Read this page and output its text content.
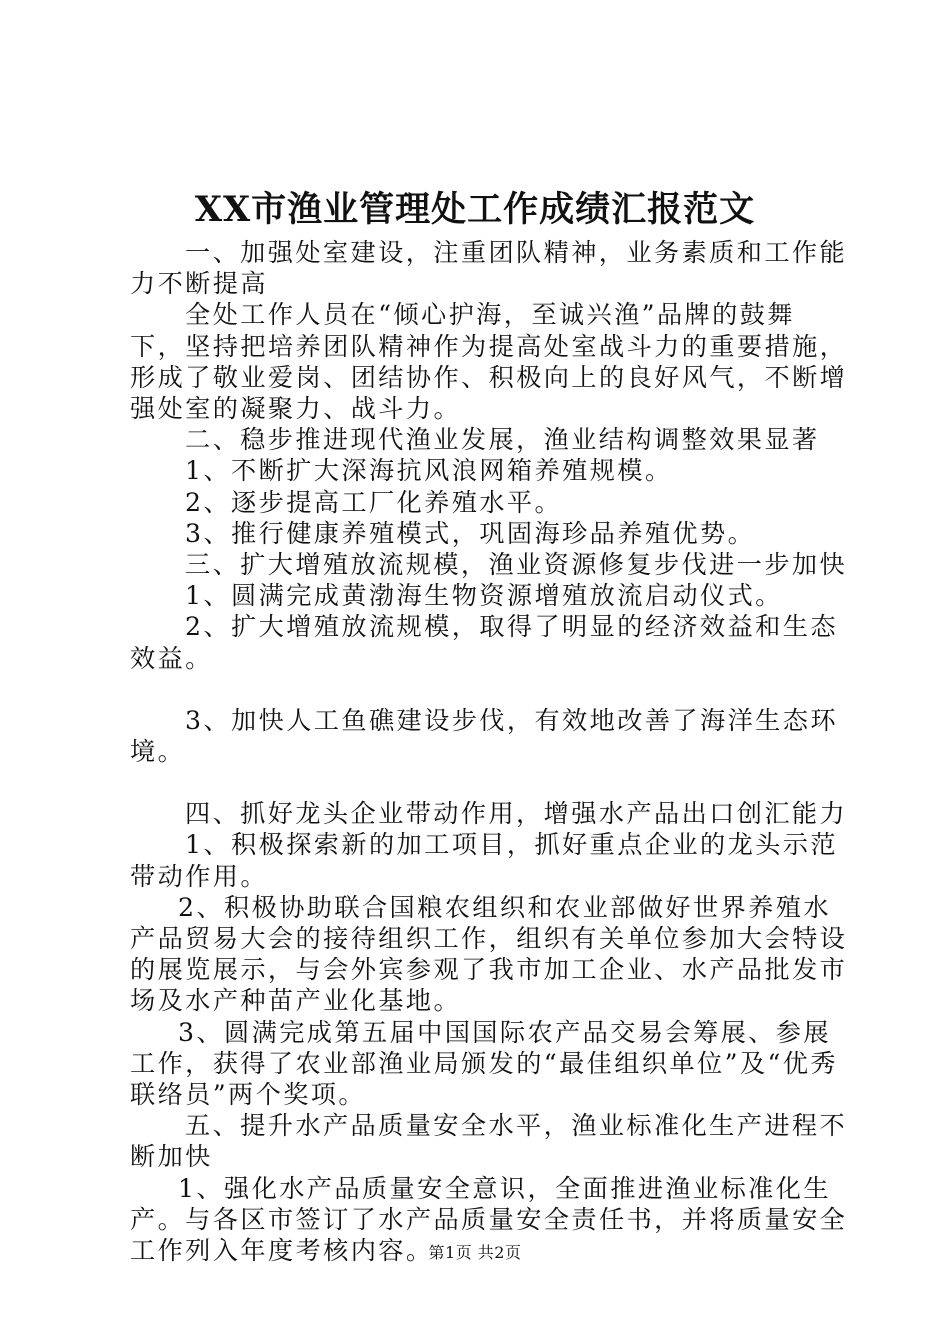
XX市渔业管理处工作成绩汇报范文

一、加强处室建设，注重团队精神，业务素质和工作能力不断提高

全处工作人员在“倾心护海，至诚兴渔”品牌的鼓舞下，坚持把培养团队精神作为提高处室战斗力的重要措施，形成了敬业爱岗、团结协作、积极向上的良好风气，不断增强处室的凝聚力、战斗力。

二、稳步推进现代渔业发展，渔业结构调整效果显著

1、不断扩大深海抗风浪网箱养殖规模。

2、逐步提高工厂化养殖水平。

3、推行健康养殖模式，巩固海珍品养殖优势。

三、扩大增殖放流规模，渔业资源修复步伐进一步加快

1、圆满完成黄渤海生物资源增殖放流启动仪式。

2、扩大增殖放流规模，取得了明显的经济效益和生态效益。

3、加快人工鱼礁建设步伐，有效地改善了海洋生态环境。

四、抓好龙头企业带动作用，增强水产品出口创汇能力

1、积极探索新的加工项目，抓好重点企业的龙头示范带动作用。

2、积极协助联合国粮农组织和农业部做好世界养殖水产品贸易大会的接待组织工作，组织有关单位参加大会特设的展览展示，与会外宾参观了我市加工企业、水产品批发市场及水产种苗产业化基地。

3、圆满完成第五届中国国际农产品交易会筹展、参展工作，获得了农业部渔业局颁发的“最佳组织单位”及“优秀联络员”两个奖项。

五、提升水产品质量安全水平，渔业标准化生产进程不断加快

1、强化水产品质量安全意识，全面推进渔业标准化生产。与各区市签订了水产品质量安全责任书，并将质量安全工作列入年度考核内容。

第1页 共2页
